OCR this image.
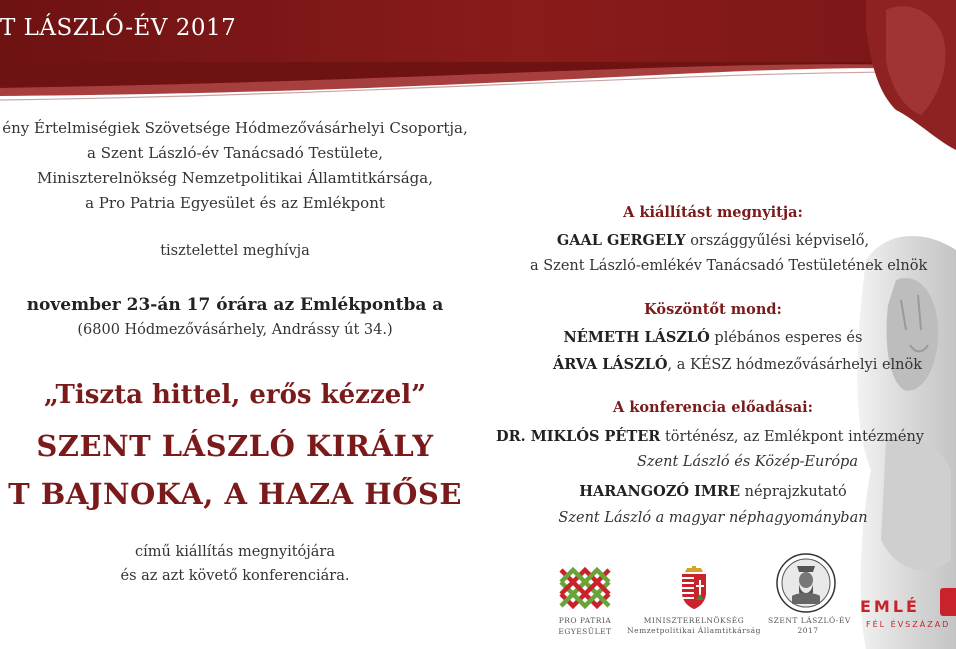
T LÁSZLÓ-ÉV 2017
ény Értelmiségiek Szövetsége Hódmezővásárhelyi Csoportja,
a Szent László-év Tanácsadó Testülete,
Miniszterelnökség Nemzetpolitikai Államtitkársága,
a Pro Patria Egyesület és az Emlékpont
tisztelettel meghívja
november 23-án 17 órára az Emlékpontba a
(6800 Hódmezővásárhely, Andrássy út 34.)
„Tiszta hittel, erős kézzel”
SZENT LÁSZLÓ KIRÁLY
T BAJNOKA, A HAZA HŐSE
című kiállítás megnyitójára
és az azt követő konferenciára.
A kiállítást megnyitja:
GAAL GERGELY országgyűlési képviselő,
a Szent László-emlékév Tanácsadó Testületének elnök
Köszöntőt mond:
NÉMETH LÁSZLÓ plébános esperes és
ÁRVA LÁSZLÓ, a KÉSZ hódmezővásárhelyi elnök
A konferencia előadásai:
DR. MIKLÓS PÉTER történész, az Emlékpont intézmény
Szent László és Közép-Európa
HARANGOZÓ IMRE néprajzkutató
Szent László a magyar néphagyományban
PRO PATRIA
EGYESÜLET
MINISZTERELNÖKSÉG
Nemzetpolitikai Államtitkárság
SZENT LÁSZLÓ-ÉV
2017
EMLÉ
FÉL ÉVSZÁZAD
